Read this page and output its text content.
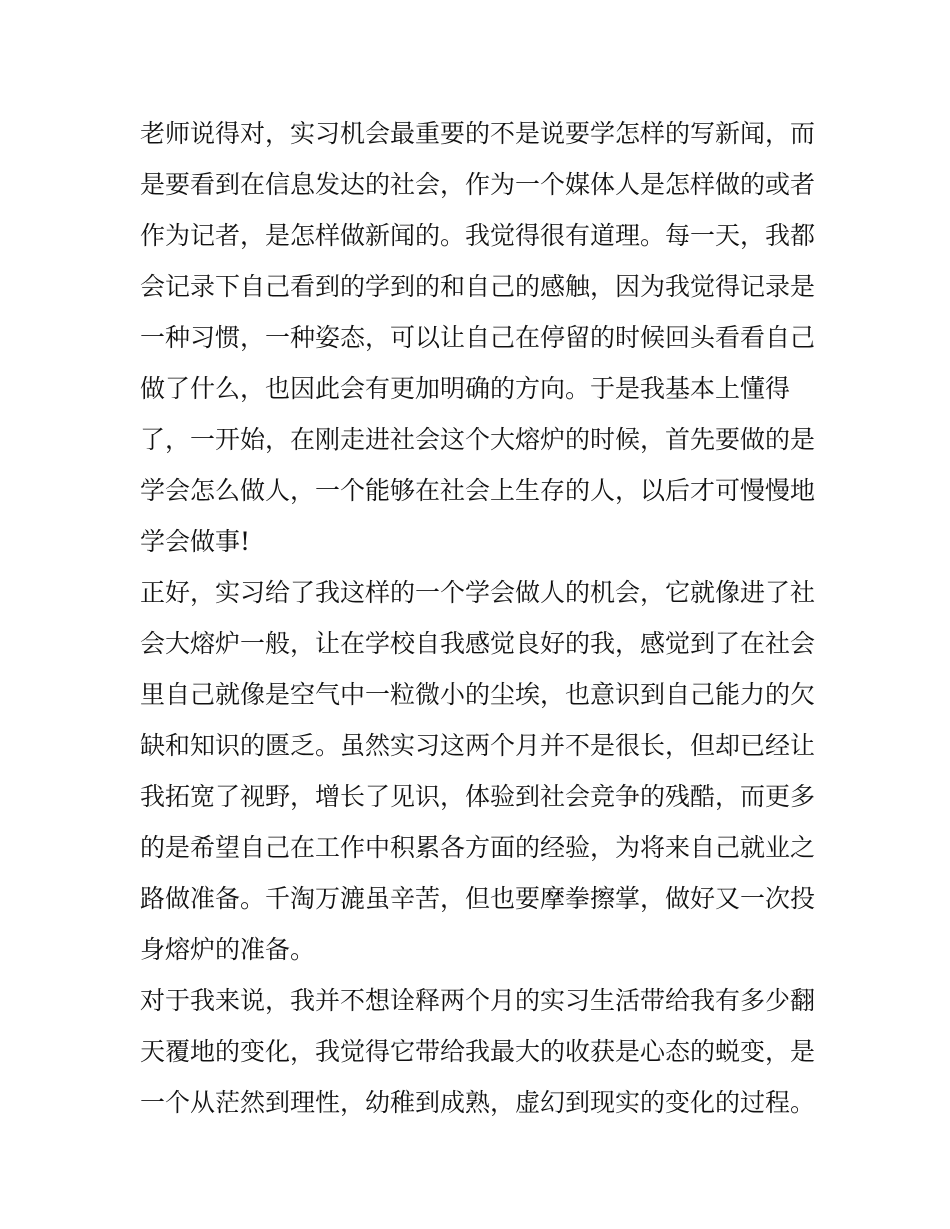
老师说得对，实习机会最重要的不是说要学怎样的写新闻，而
是要看到在信息发达的社会，作为一个媒体人是怎样做的或者
作为记者，是怎样做新闻的。我觉得很有道理。每一天，我都
会记录下自己看到的学到的和自己的感触，因为我觉得记录是
一种习惯，一种姿态，可以让自己在停留的时候回头看看自己
做了什么，也因此会有更加明确的方向。于是我基本上懂得
了，一开始，在刚走进社会这个大熔炉的时候，首先要做的是
学会怎么做人，一个能够在社会上生存的人，以后才可慢慢地
学会做事!
正好，实习给了我这样的一个学会做人的机会，它就像进了社
会大熔炉一般，让在学校自我感觉良好的我，感觉到了在社会
里自己就像是空气中一粒微小的尘埃，也意识到自己能力的欠
缺和知识的匮乏。虽然实习这两个月并不是很长，但却已经让
我拓宽了视野，增长了见识，体验到社会竞争的残酷，而更多
的是希望自己在工作中积累各方面的经验，为将来自己就业之
路做准备。千淘万漉虽辛苦，但也要摩拳擦掌，做好又一次投
身熔炉的准备。
对于我来说，我并不想诠释两个月的实习生活带给我有多少翻
天覆地的变化，我觉得它带给我最大的收获是心态的蜕变，是
一个从茫然到理性，幼稚到成熟，虚幻到现实的变化的过程。
